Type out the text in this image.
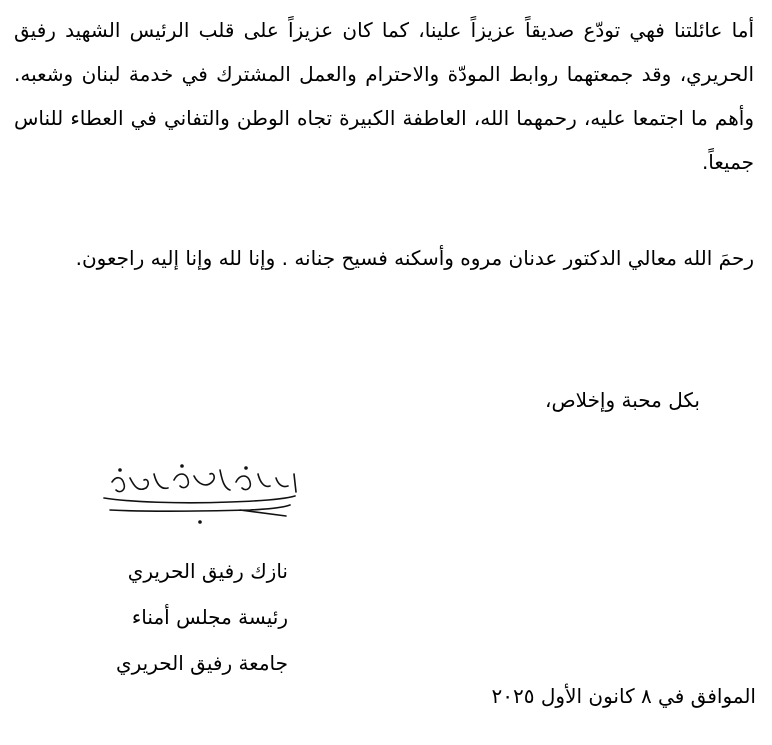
أما عائلتنا فهي تودّع صديقاً عزيزاً علينا، كما كان عزيزاً على قلب الرئيس الشهيد رفيق الحريري، وقد جمعتهما روابط المودّة والاحترام والعمل المشترك في خدمة لبنان وشعبه. وأهم ما اجتمعا عليه، رحمهما الله، العاطفة الكبيرة تجاه الوطن والتفاني في العطاء للناس جميعاً.

رحمَ الله معالي الدكتور عدنان مروه وأسكنه فسيح جنانه . وإنا لله وإنا إليه راجعون.

بكل محبة وإخلاص،

نازك رفيق الحريري
رئيسة مجلس أمناء
جامعة رفيق الحريري

الموافق في ٨ كانون الأول ٢٠٢٥
